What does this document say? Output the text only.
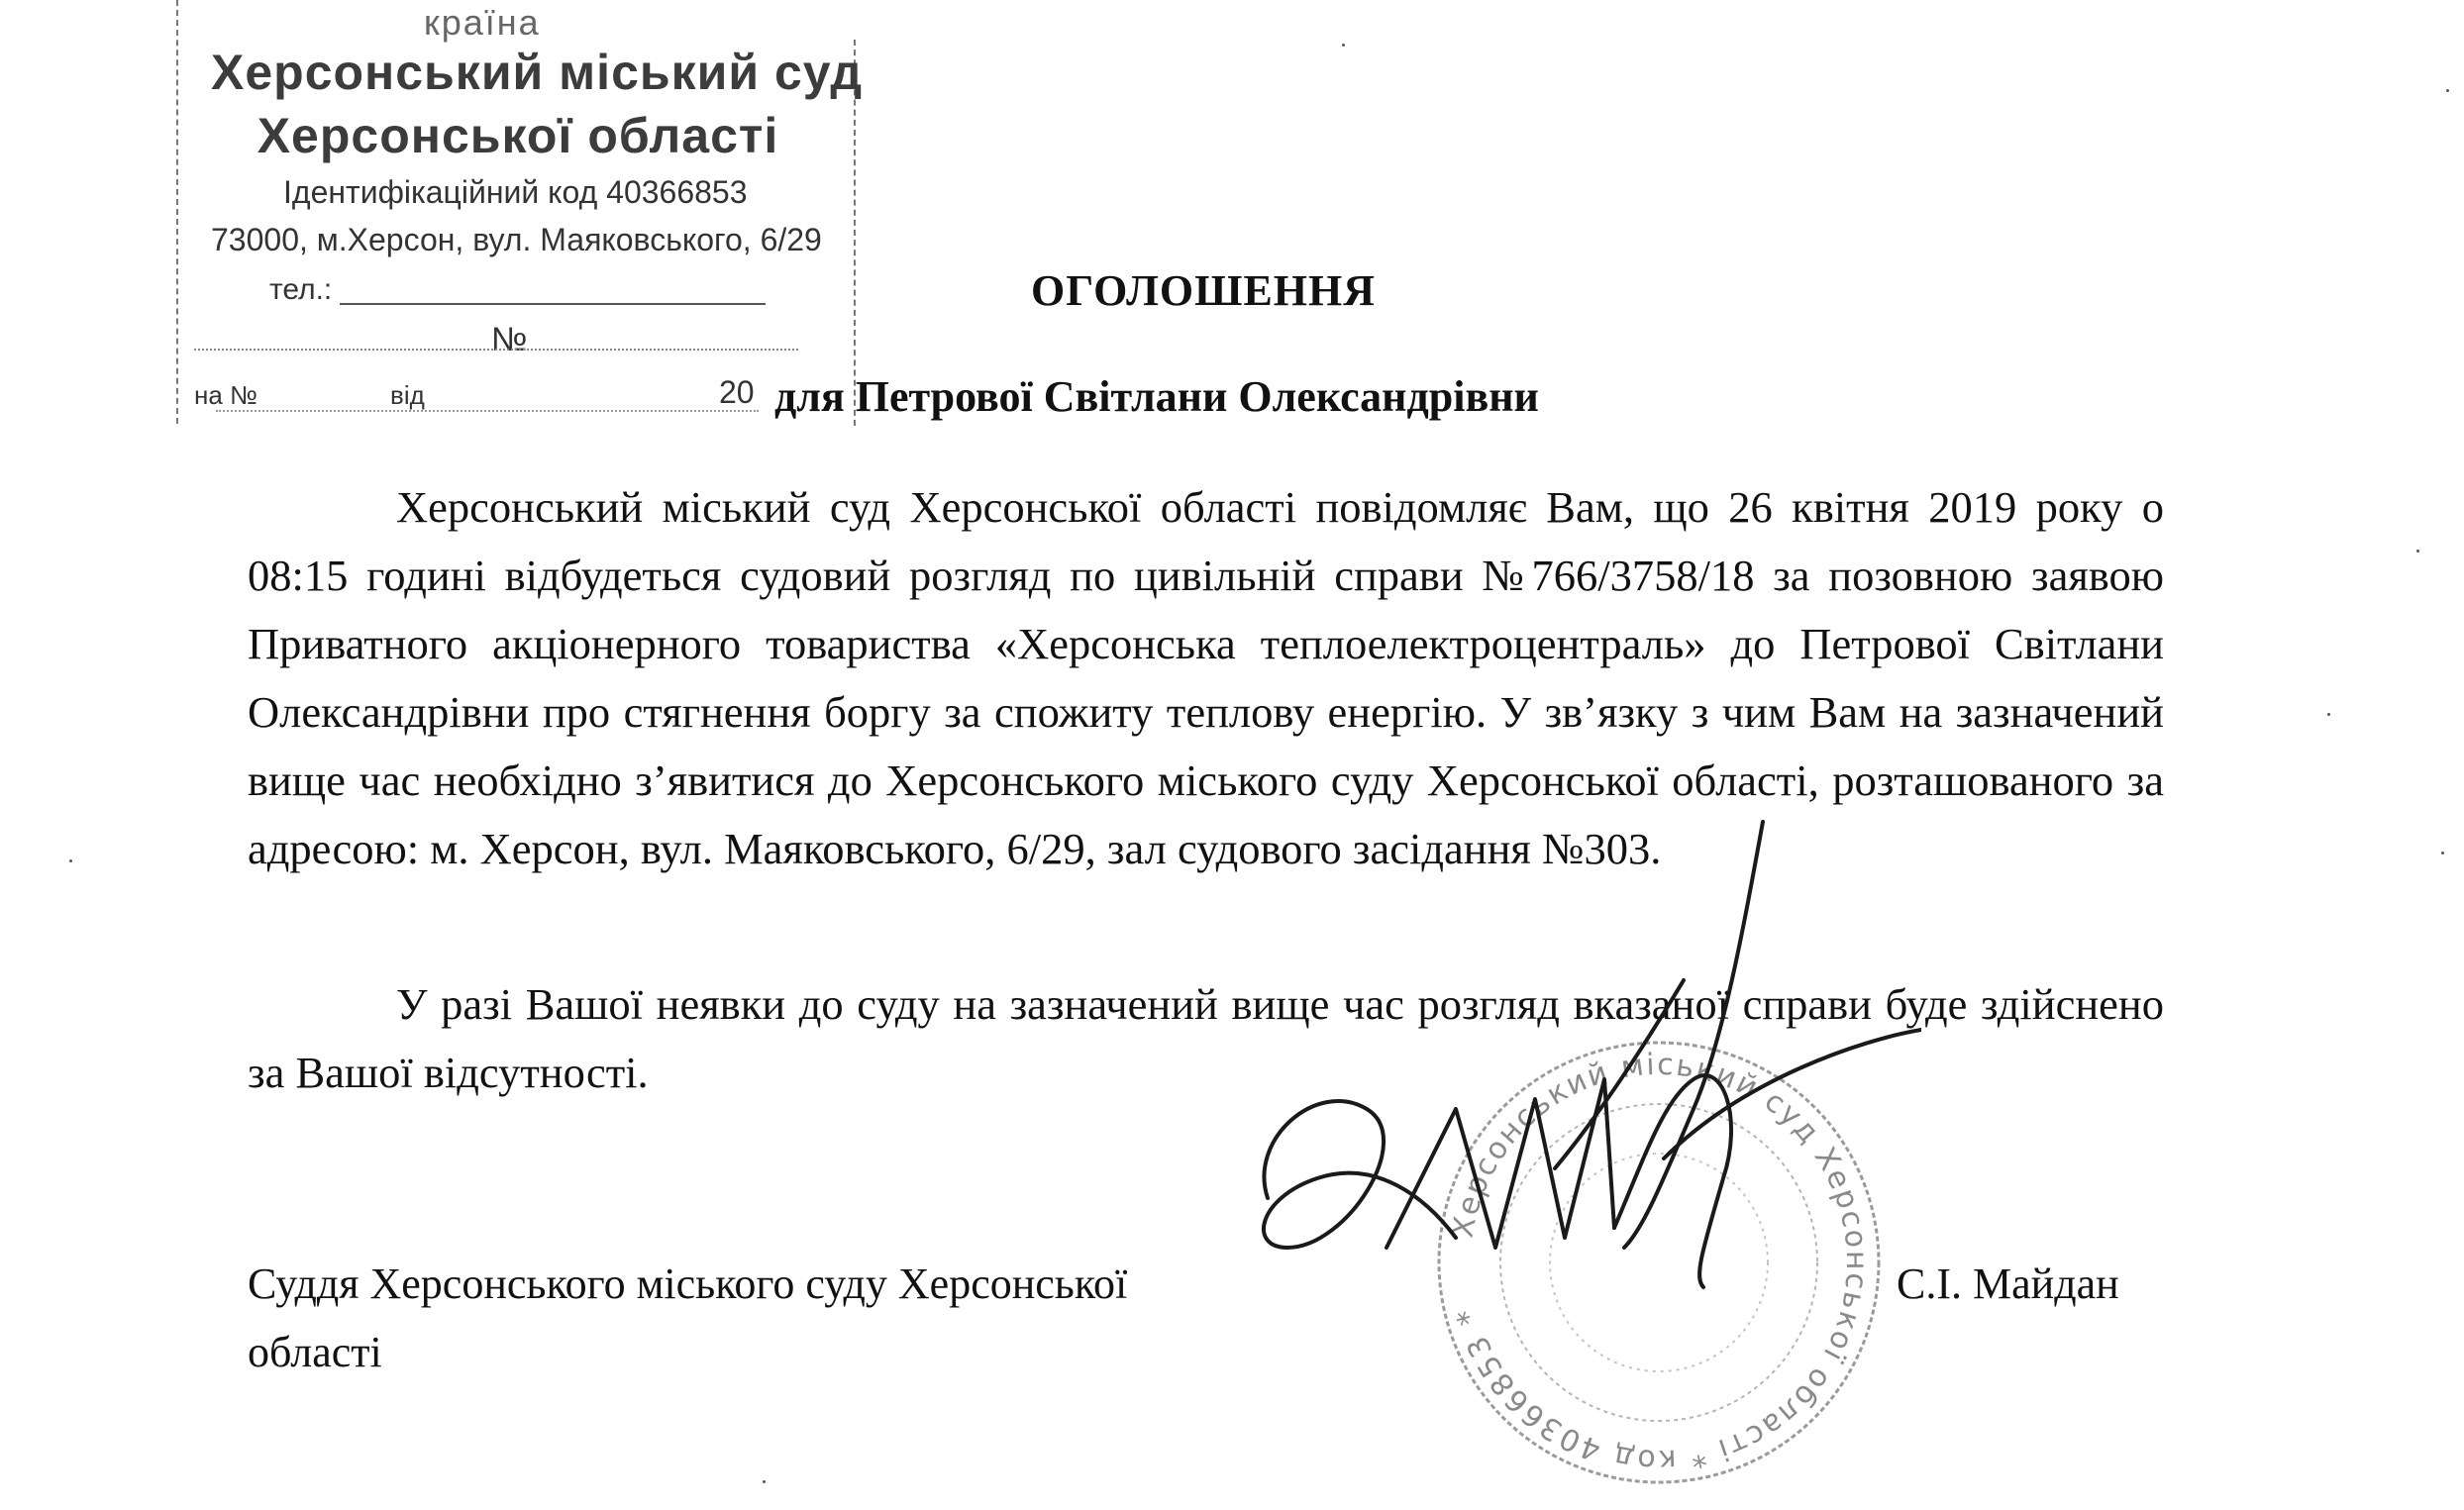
країна
Херсонський міський суд
Херсонської області
Ідентифікаційний код 40366853
73000, м.Херсон, вул. Маяковського, 6/29
тел.:
№
на №	від	20
ОГОЛОШЕННЯ
для Петрової Світлани Олександрівни

Херсонський міський суд Херсонської області повідомляє Вам, що 26 квітня 2019 року о 08:15 годині відбудеться судовий розгляд по цивільній справи №766/3758/18 за позовною заявою Приватного акціонерного товариства «Херсонська теплоелектроцентраль» до Петрової Світлани Олександрівни про стягнення боргу за спожиту теплову енергію. У зв’язку з чим Вам на зазначений вище час необхідно з’явитися до Херсонського міського суду Херсонської області, розташованого за адресою: м. Херсон, вул. Маяковського, 6/29, зал судового засідання №303.

У разі Вашої неявки до суду на зазначений вище час розгляд вказаної справи буде здійснено за Вашої відсутності.

Херсонський міський суд Херсонської області * код 40366853 *

Суддя Херсонського міського суду Херсонської області

С.І. Майдан
